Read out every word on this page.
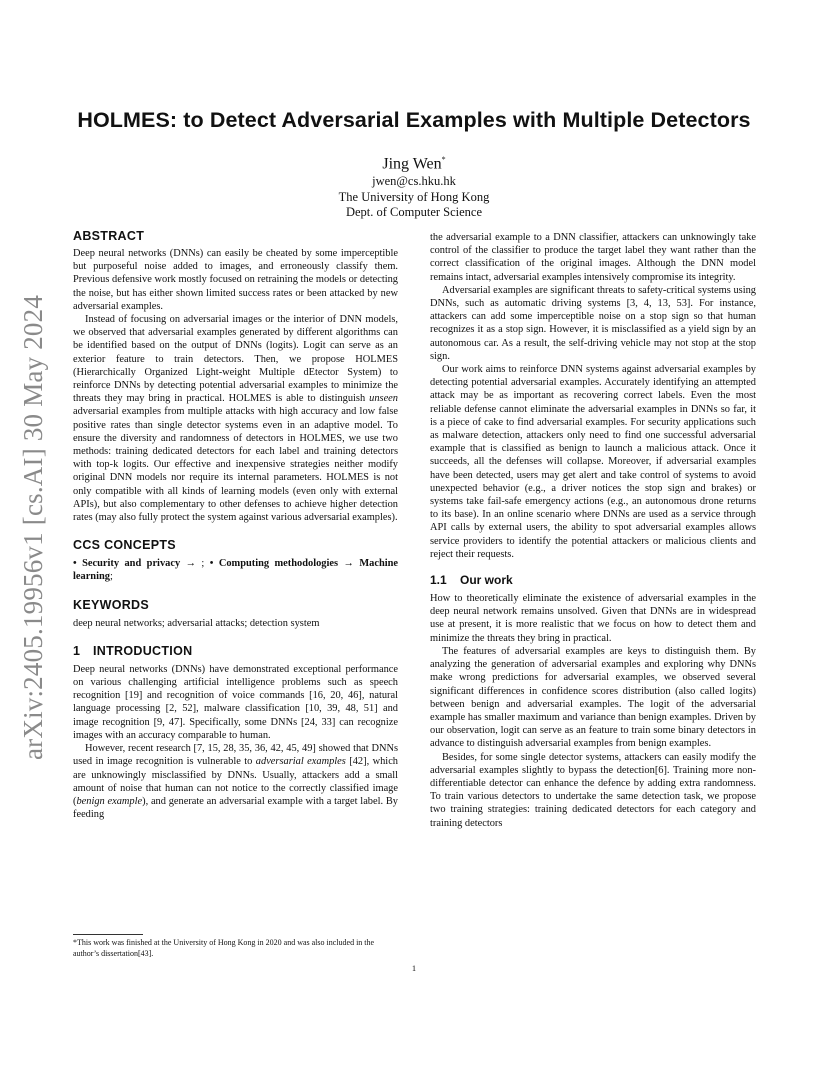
arXiv:2405.19956v1 [cs.AI] 30 May 2024
HOLMES: to Detect Adversarial Examples with Multiple Detectors
Jing Wen*
jwen@cs.hku.hk
The University of Hong Kong
Dept. of Computer Science
ABSTRACT

Deep neural networks (DNNs) can easily be cheated by some imperceptible but purposeful noise added to images, and erroneously classify them. Previous defensive work mostly focused on retraining the models or detecting the noise, but has either shown limited success rates or been attacked by new adversarial examples.

Instead of focusing on adversarial images or the interior of DNN models, we observed that adversarial examples generated by different algorithms can be identified based on the output of DNNs (logits). Logit can serve as an exterior feature to train detectors. Then, we propose HOLMES (Hierarchically Organized Light-weight Multiple dEtector System) to reinforce DNNs by detecting potential adversarial examples to minimize the threats they may bring in practical. HOLMES is able to distinguish unseen adversarial examples from multiple attacks with high accuracy and low false positive rates than single detector systems even in an adaptive model. To ensure the diversity and randomness of detectors in HOLMES, we use two methods: training dedicated detectors for each label and training detectors with top-k logits. Our effective and inexpensive strategies neither modify original DNN models nor require its internal parameters. HOLMES is not only compatible with all kinds of learning models (even only with external APIs), but also complementary to other defenses to achieve higher detection rates (may also fully protect the system against various adversarial examples).

CCS CONCEPTS

• Security and privacy → ; • Computing methodologies → Machine learning;

KEYWORDS

deep neural networks; adversarial attacks; detection system

1 INTRODUCTION

Deep neural networks (DNNs) have demonstrated exceptional performance on various challenging artificial intelligence problems such as speech recognition [19] and recognition of voice commands [16, 20, 46], natural language processing [2, 52], malware classification [10, 39, 48, 51] and image recognition [9, 47]. Specifically, some DNNs [24, 33] can recognize images with an accuracy comparable to human.

However, recent research [7, 15, 28, 35, 36, 42, 45, 49] showed that DNNs used in image recognition is vulnerable to adversarial examples [42], which are unknowingly misclassified by DNNs. Usually, attackers add a small amount of noise that human can not notice to the correctly classified image (benign example), and generate an adversarial example with a target label. By feeding

the adversarial example to a DNN classifier, attackers can unknowingly take control of the classifier to produce the target label they want rather than the correct classification of the original images. Although the DNN model remains intact, adversarial examples intensively compromise its integrity.

Adversarial examples are significant threats to safety-critical systems using DNNs, such as automatic driving systems [3, 4, 13, 53]. For instance, attackers can add some imperceptible noise on a stop sign so that human recognizes it as a stop sign. However, it is misclassified as a yield sign by an autonomous car. As a result, the self-driving vehicle may not stop at the stop sign.

Our work aims to reinforce DNN systems against adversarial examples by detecting potential adversarial examples. Accurately identifying an attempted attack may be as important as recovering correct labels. Even the most reliable defense cannot eliminate the adversarial examples in DNNs so far, it is a piece of cake to find adversarial examples. For security applications such as malware detection, attackers only need to find one successful adversarial example that is classified as benign to launch a malicious attack. Once it succeeds, all the defenses will collapse. Moreover, if adversarial examples have been detected, users may get alert and take control of systems to avoid unexpected behavior (e.g., a driver notices the stop sign and brakes) or systems take fail-safe emergency actions (e.g., an autonomous drone returns to its base). In an online scenario where DNNs are used as a service through API calls by external users, the ability to spot adversarial examples allows service providers to identify the potential attackers or malicious clients and reject their requests.

1.1 Our work

How to theoretically eliminate the existence of adversarial examples in the deep neural network remains unsolved. Given that DNNs are in widespread use at present, it is more realistic that we focus on how to detect them and minimize the threats they bring in practical.

The features of adversarial examples are keys to distinguish them. By analyzing the generation of adversarial examples and exploring why DNNs make wrong predictions for adversarial examples, we observed several significant differences in confidence scores distribution (also called logits) between benign and adversarial examples. The logit of the adversarial example has smaller maximum and variance than benign examples. Driven by our observation, logit can serve as an feature to train some binary detectors in advance to distinguish adversarial examples from benign examples.

Besides, for some single detector systems, attackers can easily modify the adversarial examples slightly to bypass the detection[6]. Training more non-differentiable detector can enhance the defence by adding extra randomness. To train various detectors to undertake the same detection task, we propose two training strategies: training dedicated detectors for each category and training detectors

*This work was finished at the University of Hong Kong in 2020 and was also included in the author’s dissertation[43].
1
